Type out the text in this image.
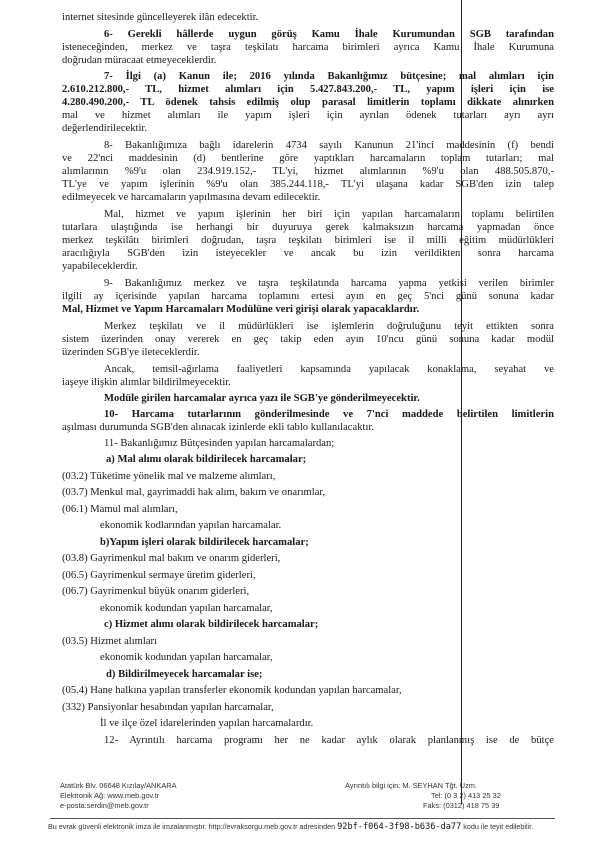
internet sitesinde güncelleyerek ilân edecektir.

6- Gerekli hâllerde uygun görüş Kamu İhale Kurumundan SGB tarafından

isteneceğinden, merkez ve taşra teşkilatı harcama birimleri ayrıca Kamu İhale Kurumuna

doğrudan müracaat etmeyeceklerdir.

7- İlgi (a) Kanun ile; 2016 yılında Bakanlığımız bütçesine; mal alımları için

2.610.212.800,- TL, hizmet alımları için 5.427.843.200,- TL, yapım işleri için ise

4.280.490.200,- TL ödenek tahsis edilmiş olup parasal limitlerin toplamı dikkate alınırken

mal ve hizmet alımları ile yapım işleri için ayrılan ödenek tutarları ayrı ayrı

değerlendirilecektir.

8- Bakanlığımıza bağlı idarelerin 4734 sayılı Kanunun 21'inci maddesinin (f) bendi

ve 22'nci maddesinin (d) bentlerine göre yaptıkları harcamaların toplam tutarları; mal

alımlarının %9'u olan 234.919.152,- TL'yi, hizmet alımlarının %9'u olan 488.505.870,-

TL'ye ve yapım işlerinin %9'u olan 385.244.118,- TL'yi ulaşana kadar SGB'den izin talep

edilmeyecek ve harcamaların yapılmasına devam edilecektir.

Mal, hizmet ve yapım işlerinin her biri için yapılan harcamaların toplamı belirtilen

tutarlara ulaştığında ise herhangi bir duyuruya gerek kalmaksızın harcama yapmadan önce

merkez teşkilâtı birimleri doğrudan, taşra teşkilatı birimleri ise il milli eğitim müdürlükleri

aracılığıyla SGB'den izin isteyecekler ve ancak bu izin verildikten sonra harcama

yapabileceklerdir.

9- Bakanlığımız merkez ve taşra teşkilatında harcama yapma yetkisi verilen birimler

ilgili ay içerisinde yapılan harcama toplamını ertesi ayın en geç 5'nci günü sonuna kadar

Mal, Hizmet ve Yapım Harcamaları Modülüne veri girişi olarak yapacaklardır.

Merkez teşkilatı ve il müdürlükleri ise işlemlerin doğruluğunu teyit ettikten sonra

sistem üzerinden onay vererek en geç takip eden ayın 10'ncu günü sonuna kadar modül

üzerinden SGB'ye ileteceklerdir.

Ancak, temsil-ağırlama faaliyetleri kapsamında yapılacak konaklama, seyahat ve

iaşeye ilişkin alımlar bildirilmeyecektir.

Modüle girilen harcamalar ayrıca yazı ile SGB'ye gönderilmeyecektir.

10- Harcama tutarlarının gönderilmesinde ve 7'nci maddede belirtilen limitlerin

aşılması durumunda SGB'den alınacak izinlerde ekli tablo kullanılacaktır.

11- Bakanlığımız Bütçesinden yapılan harcamalardan;

a) Mal alımı olarak bildirilecek harcamalar;

(03.2) Tüketime yönelik mal ve malzeme alımları,

(03.7) Menkul mal, gayrimaddi hak alım, bakım ve onarımlar,

(06.1) Mamul mal alımları,

ekonomik kodlarından yapılan harcamalar.

b)Yapım işleri olarak bildirilecek harcamalar;

(03.8) Gayrimenkul mal bakım ve onarım giderleri,

(06.5) Gayrimenkul sermaye üretim giderleri,

(06.7) Gayrimenkul büyük onarım giderleri,

ekonomik kodundan yapılan harcamalar,

c) Hizmet alımı olarak bildirilecek harcamalar;

(03.5) Hizmet alımları

ekonomik kodundan yapılan harcamalar,

d) Bildirilmeyecek harcamalar ise;

(05.4) Hane halkına yapılan transferler ekonomik kodundan yapılan harcamalar,

(332) Pansiyonlar hesabından yapılan harcamalar,

İl ve ilçe özel idarelerinden yapılan harcamalardır.

12- Ayrıntılı harcama programı her ne kadar aylık olarak planlanmış ise de bütçe

Atatürk Blv. 06648 Kızılay/ANKARA
Elektronik Ağ: www.meb.gov.tr
e-posta:serdin@meb.gov.tr
Ayrıntılı bilgi için: M. SEYHAN Tğt. Uzm.
Tel: (0 3 2) 413 25 32
Faks: (0312) 418 75 39
Bu evrak güvenli elektronik imza ile imzalanmıştır. http://evraksorgu.meb.gov.tr adresinden 92bf-f064-3f98-b636-da77 kodu ile teyit edilebilir.
